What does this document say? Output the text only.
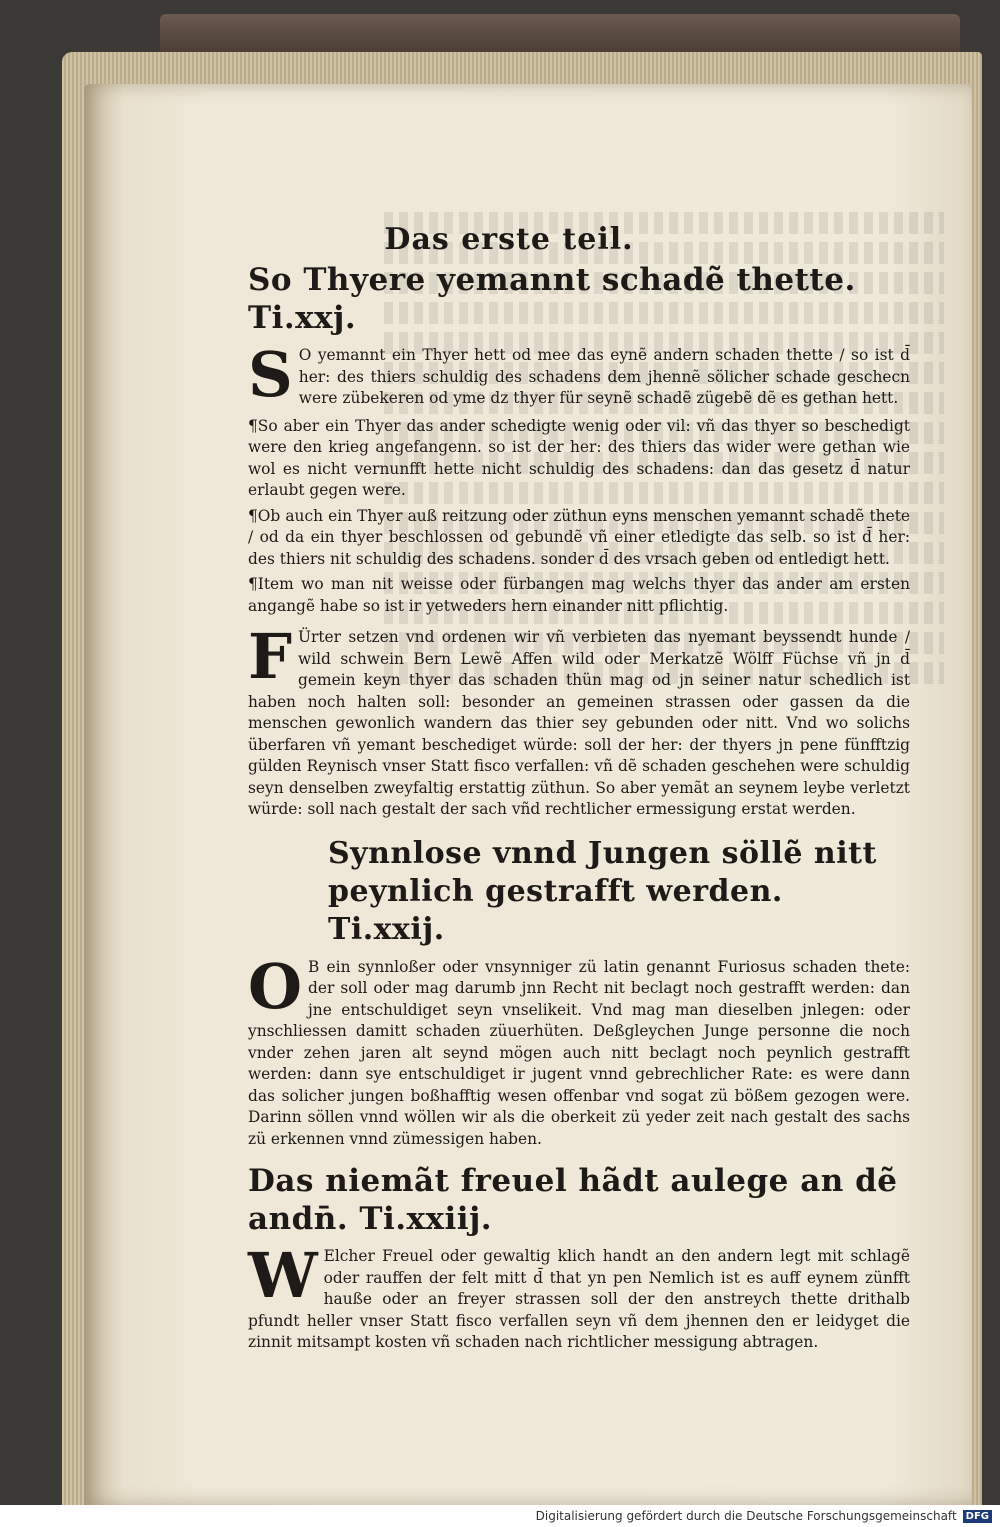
Das erste teil.
So Thyere yemannt schadẽ thette. Ti.xxj.

S O yemannt ein Thyer hett od mee das eynẽ andern schaden thette / so ist d̄ her: des thiers schuldig des schadens dem jhennẽ sölicher schade geschecn were zübekeren od yme dz thyer für seynẽ schadẽ zügebẽ dẽ es gethan hett.

¶So aber ein Thyer das ander schedigte wenig oder vil: vñ das thyer so beschedigt were den krieg angefangenn. so ist der her: des thiers das wider were gethan wie wol es nicht vernunfft hette nicht schuldig des schadens: dan das gesetz d̄ natur erlaubt gegen were.

¶Ob auch ein Thyer auß reitzung oder züthun eyns menschen yemannt schadẽ thete / od da ein thyer beschlossen od gebundẽ vñ einer etledigte das selb. so ist d̄ her: des thiers nit schuldig des schadens. sonder d̄ des vrsach geben od entledigt hett.

¶Item wo man nit weisse oder fürbangen mag welchs thyer das ander am ersten angangẽ habe so ist ir yetweders hern einander nitt pflichtig.

F Ürter setzen vnd ordenen wir vñ verbieten das nyemant beyssendt hunde / wild schwein Bern Lewẽ Affen wild oder Merkatzẽ Wölff Füchse vñ jn d̄ gemein keyn thyer das schaden thün mag od jn seiner natur schedlich ist haben noch halten soll: besonder an gemeinen strassen oder gassen da die menschen gewonlich wandern das thier sey gebunden oder nitt. Vnd wo solichs überfaren vñ yemant beschediget würde: soll der her: der thyers jn pene fünfftzig gülden Reynisch vnser Statt fisco verfallen: vñ dẽ schaden geschehen were schuldig seyn denselben zweyfaltig erstattig züthun. So aber yemãt an seynem leybe verletzt würde: soll nach gestalt der sach vñd rechtlicher ermessigung erstat werden.

Synnlose vnnd Jungen söllẽ nitt peynlich gestrafft werden. Ti.xxij.

O B ein synnloßer oder vnsynniger zü latin genannt Furiosus schaden thete: der soll oder mag darumb jnn Recht nit beclagt noch gestrafft werden: dan jne entschuldiget seyn vnselikeit. Vnd mag man dieselben jnlegen: oder ynschliessen damitt schaden züuerhüten. Deßgleychen Junge personne die noch vnder zehen jaren alt seynd mögen auch nitt beclagt noch peynlich gestrafft werden: dann sye entschuldiget ir jugent vnnd gebrechlicher Rate: es were dann das solicher jungen boßhafftig wesen offenbar vnd sogat zü bößem gezogen were. Darinn söllen vnnd wöllen wir als die oberkeit zü yeder zeit nach gestalt des sachs zü erkennen vnnd zümessigen haben.

Das niemãt freuel hãdt aulege an dẽ andn̄. Ti.xxiij.

W Elcher Freuel oder gewaltig klich handt an den andern legt mit schlagẽ oder rauffen der felt mitt d̄ that yn pen Nemlich ist es auff eynem zünfft hauße oder an freyer strassen soll der den anstreych thette drithalb pfundt heller vnser Statt fisco verfallen seyn vñ dem jhennen den er leidyget die zinnit mitsampt kosten vñ schaden nach richtlicher messigung abtragen.

Digitalisierung gefördert durch die Deutsche Forschungsgemeinschaft DFG
